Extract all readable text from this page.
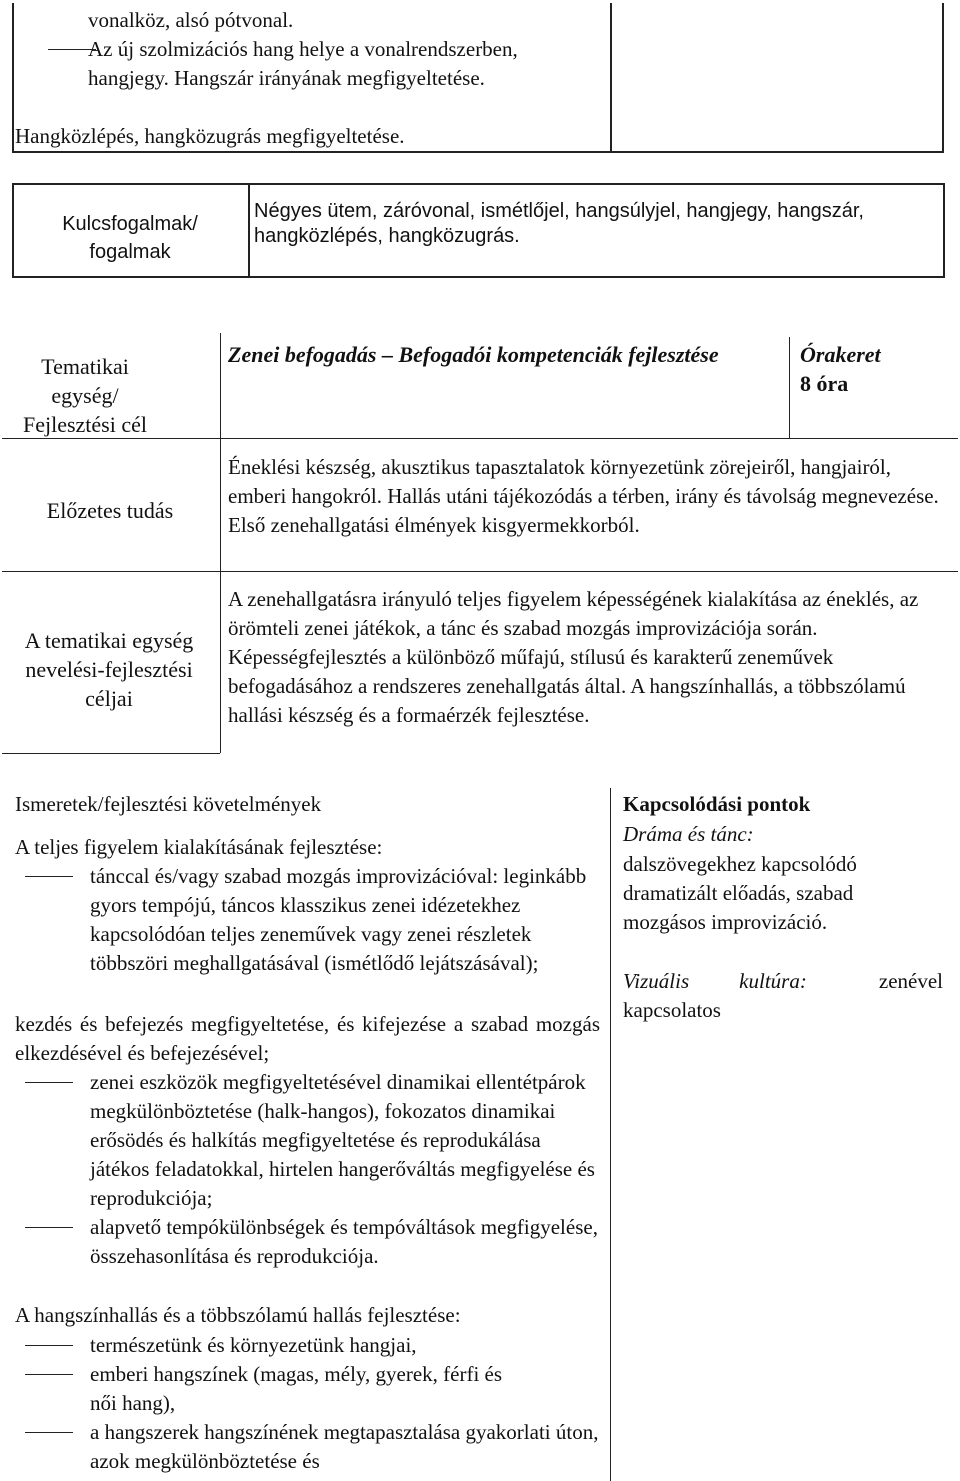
vonalköz, alsó pótvonal.
Az új szolmizációs hang helye a vonalrendszerben, hangjegy. Hangszár irányának megfigyeltetése.
Hangközlépés, hangközugrás megfigyeltetése.
Kulcsfogalmak/ fogalmak
Négyes ütem, záróvonal, ismétlőjel, hangsúlyjel, hangjegy, hangszár, hangközlépés, hangközugrás.
Tematikai egység/ Fejlesztési cél
Zenei befogadás – Befogadói kompetenciák fejlesztése	Órakeret
8 óra
Előzetes tudás
Éneklési készség, akusztikus tapasztalatok környezetünk zörejeiről, hangjairól, emberi hangokról. Hallás utáni tájékozódás a térben, irány és távolság megnevezése. Első zenehallgatási élmények kisgyermekkorból.
A tematikai egység nevelési-fejlesztési céljai
A zenehallgatásra irányuló teljes figyelem képességének kialakítása az éneklés, az örömteli zenei játékok, a tánc és szabad mozgás improvizációja során. Képességfejlesztés a különböző műfajú, stílusú és karakterű zeneművek befogadásához a rendszeres zenehallgatás által. A hangszínhallás, a többszólamú hallási készség és a formaérzék fejlesztése.
Ismeretek/fejlesztési követelmények
A teljes figyelem kialakításának fejlesztése:
tánccal és/vagy szabad mozgás improvizációval: leginkább gyors tempójú, táncos klasszikus zenei idézetekhez kapcsolódóan teljes zeneművek vagy zenei részletek többszöri meghallgatásával (ismétlődő lejátszásával);
kezdés és befejezés megfigyeltetése, és kifejezése a szabad mozgás elkezdésével és befejezésével;
zenei eszközök megfigyeltetésével dinamikai ellentétpárok megkülönböztetése (halk-hangos), fokozatos dinamikai erősödés és halkítás megfigyeltetése és reprodukálása játékos feladatokkal, hirtelen hangerőváltás megfigyelése és reprodukciója;
alapvető tempókülönbségek és tempóváltások megfigyelése, összehasonlítása és reprodukciója.
A hangszínhallás és a többszólamú hallás fejlesztése:
természetünk és környezetünk hangjai,
emberi hangszínek (magas, mély, gyerek, férfi és női hang),
a hangszerek hangszínének megtapasztalása gyakorlati úton, azok megkülönböztetése és
Kapcsolódási pontok
Dráma és tánc:
dalszövegekhez kapcsolódó dramatizált előadás, szabad mozgásos improvizáció.
Vizuális kultúra:	zenével kapcsolatos
